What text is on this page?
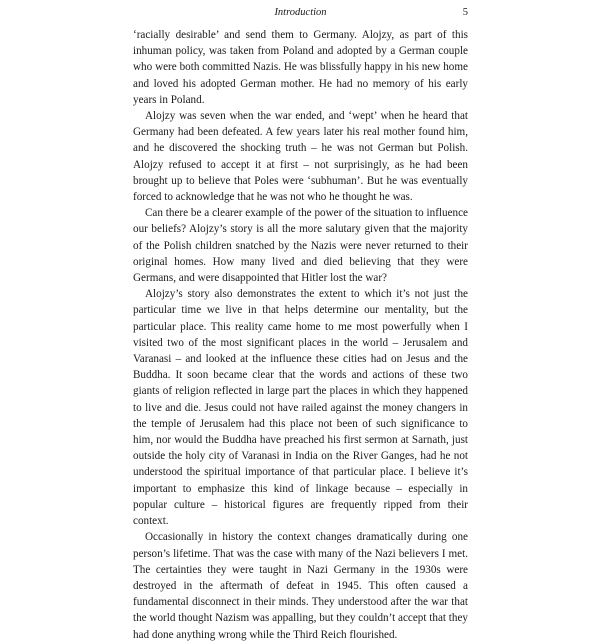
Introduction	5

‘racially desirable’ and send them to Germany. Alojzy, as part of this inhuman policy, was taken from Poland and adopted by a German couple who were both committed Nazis. He was blissfully happy in his new home and loved his adopted German mother. He had no memory of his early years in Poland.

Alojzy was seven when the war ended, and ‘wept’ when he heard that Germany had been defeated. A few years later his real mother found him, and he discovered the shocking truth – he was not German but Polish. Alojzy refused to accept it at first – not surprisingly, as he had been brought up to believe that Poles were ‘subhuman’. But he was eventually forced to acknowledge that he was not who he thought he was.

Can there be a clearer example of the power of the situation to influence our beliefs? Alojzy’s story is all the more salutary given that the majority of the Polish children snatched by the Nazis were never returned to their original homes. How many lived and died believing that they were Germans, and were disappointed that Hitler lost the war?

Alojzy’s story also demonstrates the extent to which it’s not just the particular time we live in that helps determine our mentality, but the particular place. This reality came home to me most powerfully when I visited two of the most significant places in the world – Jerusalem and Varanasi – and looked at the influence these cities had on Jesus and the Buddha. It soon became clear that the words and actions of these two giants of religion reflected in large part the places in which they happened to live and die. Jesus could not have railed against the money changers in the temple of Jerusalem had this place not been of such significance to him, nor would the Buddha have preached his first sermon at Sarnath, just outside the holy city of Varanasi in India on the River Ganges, had he not understood the spiritual importance of that particular place. I believe it’s important to emphasize this kind of linkage because – especially in popular culture – historical figures are frequently ripped from their context.

Occasionally in history the context changes dramatically during one person’s lifetime. That was the case with many of the Nazi believers I met. The certainties they were taught in Nazi Germany in the 1930s were destroyed in the aftermath of defeat in 1945. This often caused a fundamental disconnect in their minds. They understood after the war that the world thought Nazism was appalling, but they couldn’t accept that they had done anything wrong while the Third Reich flourished.
